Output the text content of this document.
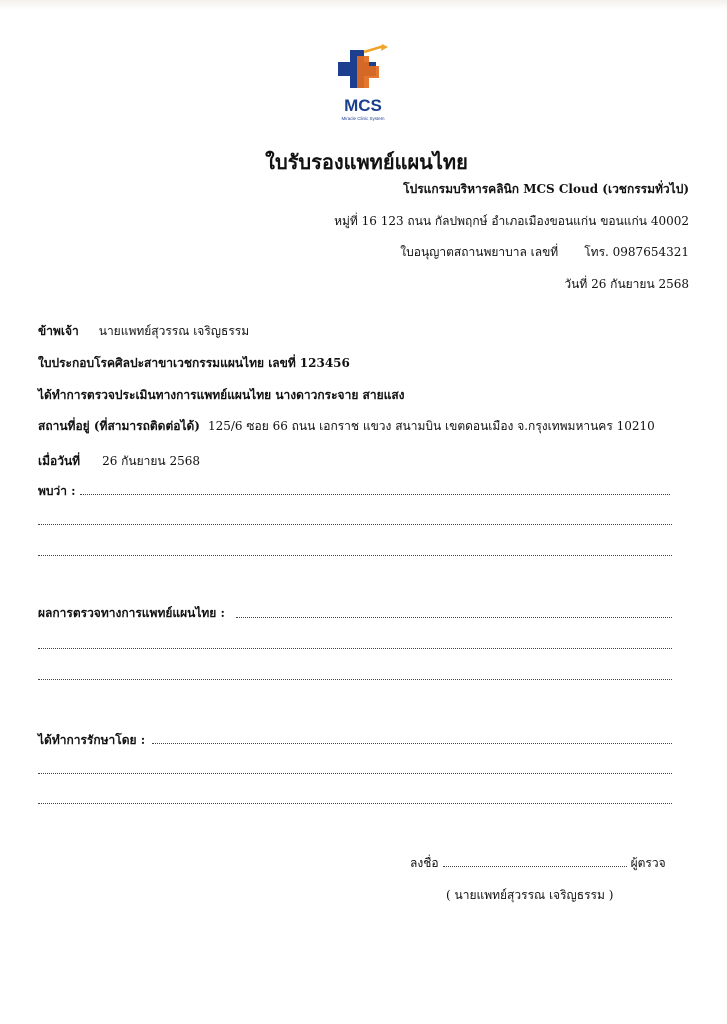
MCS
Miracle Clinic System
ใบรับรองแพทย์แผนไทย
โปรแกรมบริหารคลินิก MCS Cloud (เวชกรรมทั่วไป)
หมู่ที่ 16 123 ถนน กัลปพฤกษ์ อำเภอเมืองขอนแก่น ขอนแก่น 40002
ใบอนุญาตสถานพยาบาล เลขที่ โทร. 0987654321
วันที่ 26 กันยายน 2568
ข้าพเจ้า นายแพทย์สุวรรณ เจริญธรรม
ใบประกอบโรคศิลปะสาขาเวชกรรมแผนไทย เลขที่ 123456
ได้ทำการตรวจประเมินทางการแพทย์แผนไทย นางดาวกระจาย สายแสง
สถานที่อยู่ (ที่สามารถติดต่อได้) 125/6 ซอย 66 ถนน เอกราช แขวง สนามบิน เขตดอนเมือง จ.กรุงเทพมหานคร 10210
เมื่อวันที่ 26 กันยายน 2568
พบว่า :
ผลการตรวจทางการแพทย์แผนไทย :
ได้ทำการรักษาโดย :
ลงชื่อ	ผู้ตรวจ
( นายแพทย์สุวรรณ เจริญธรรม )
